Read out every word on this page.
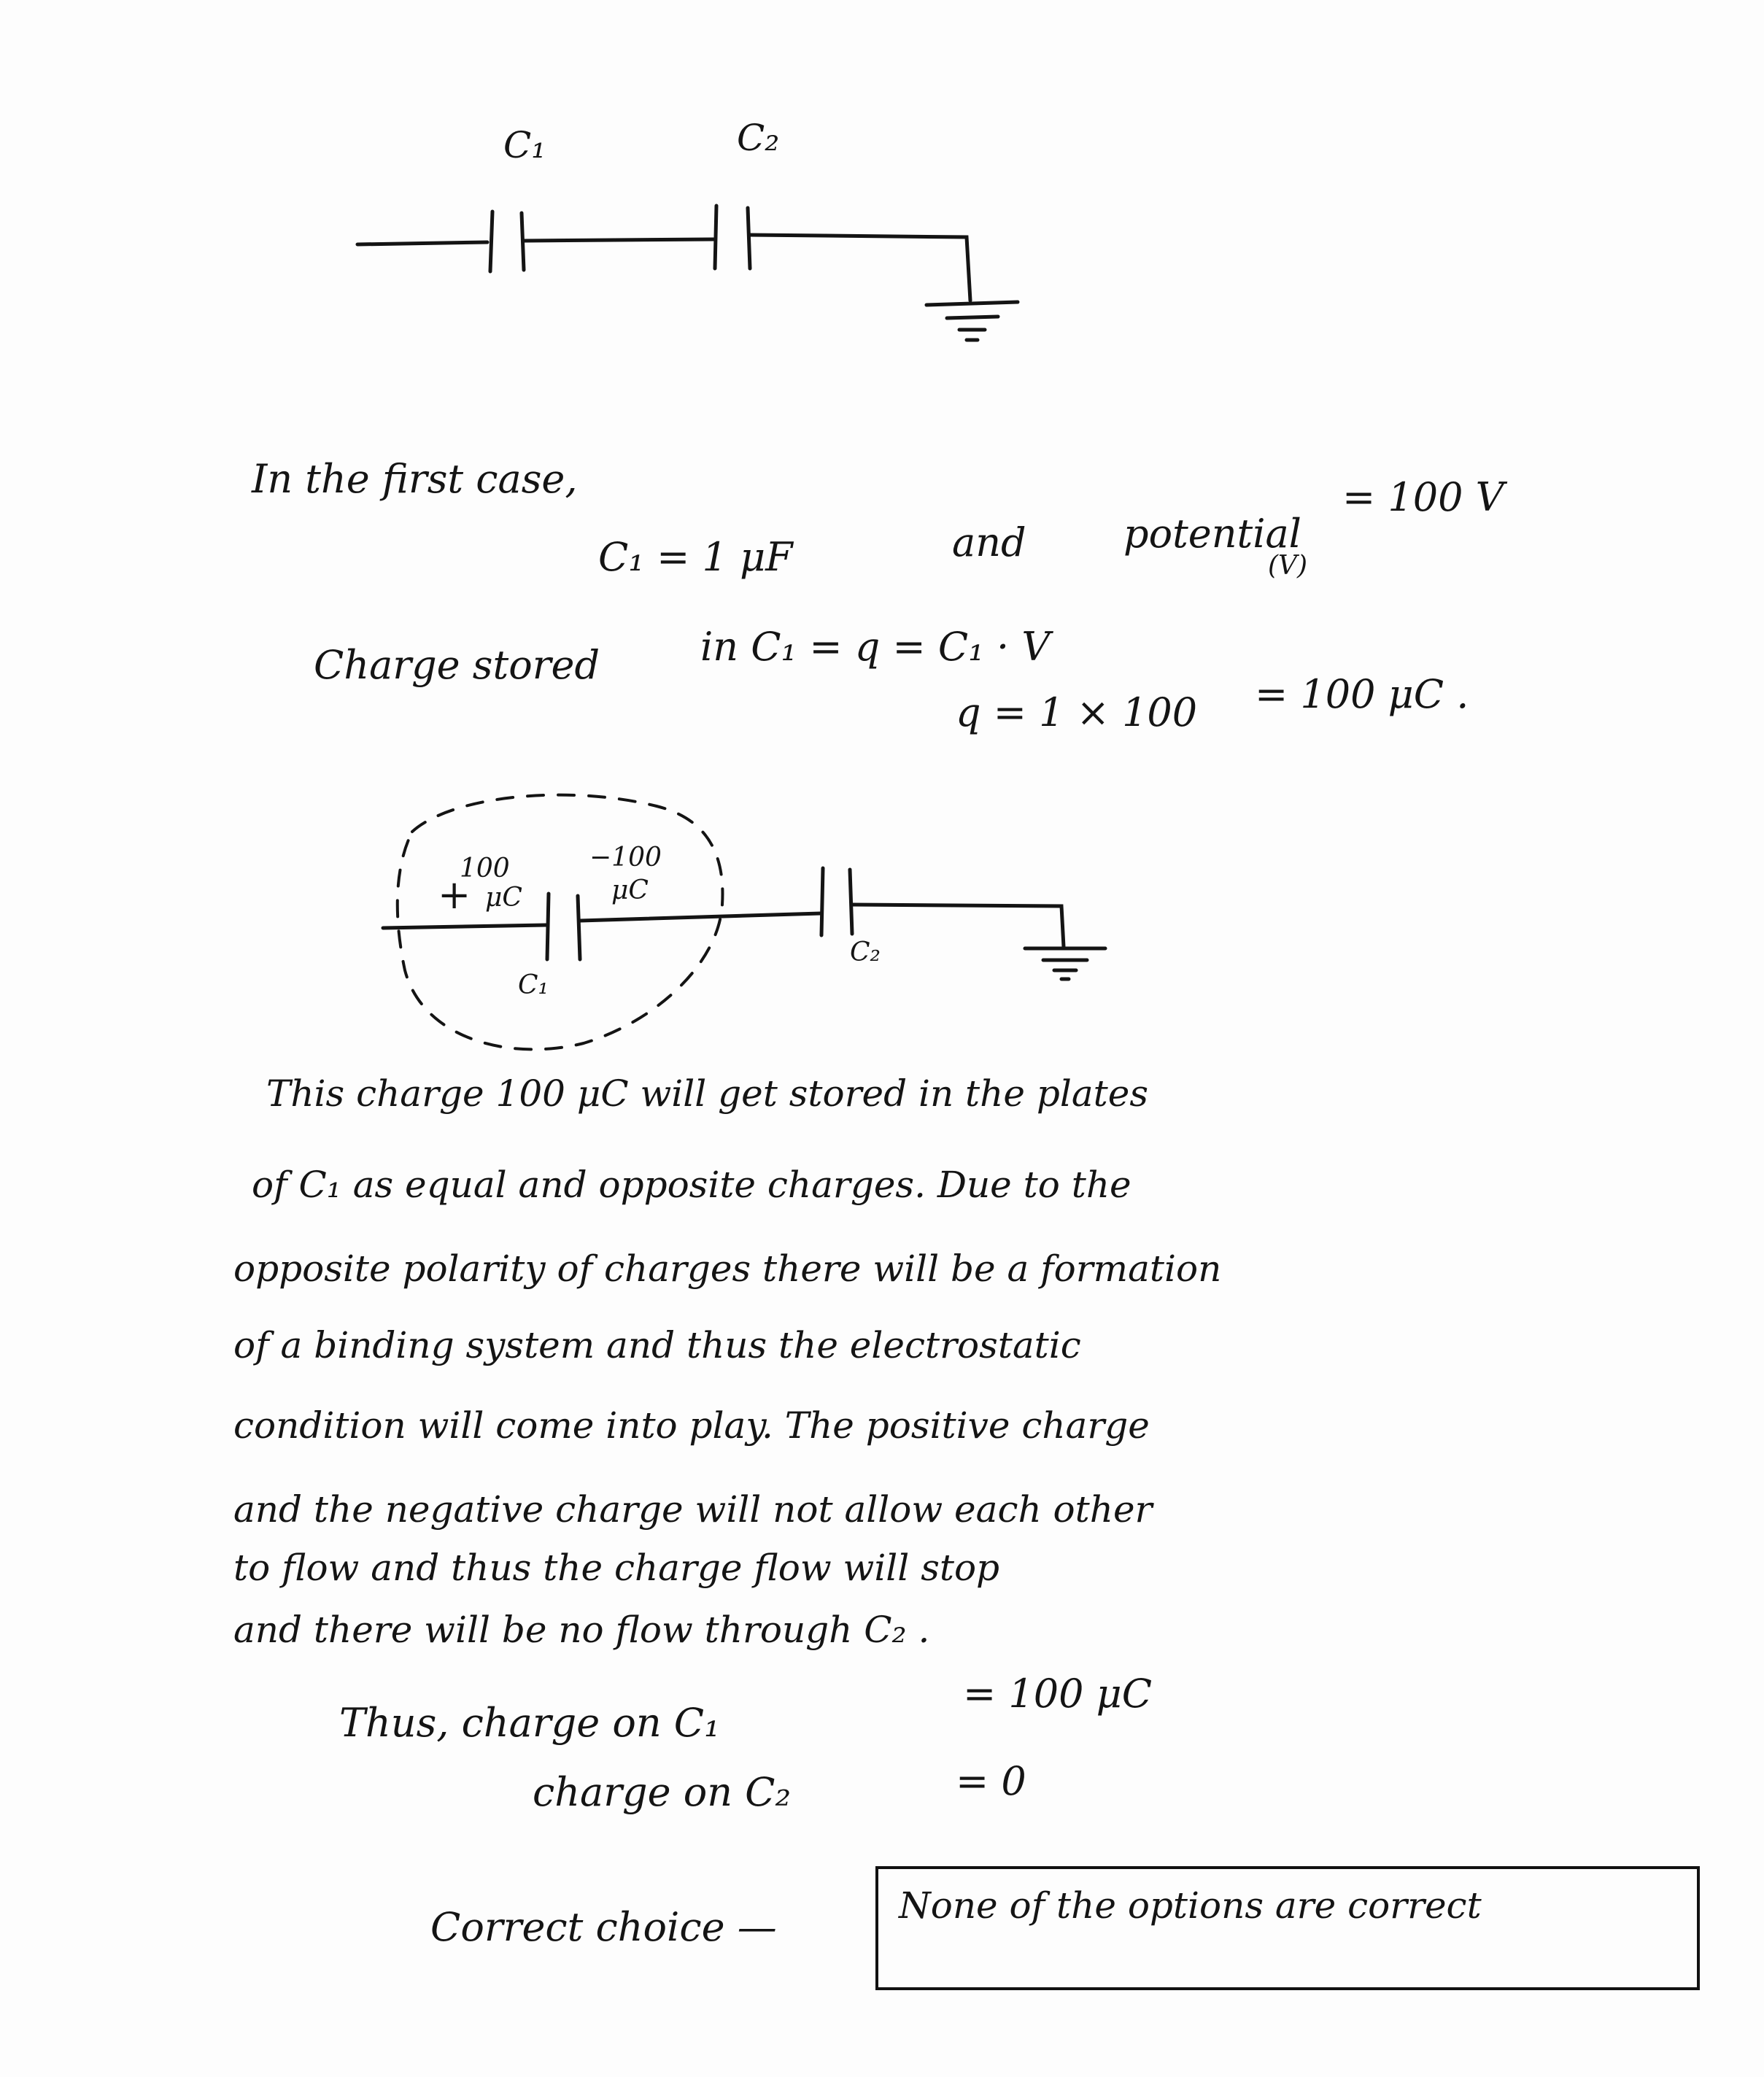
C₁	C₂
In the first case,
C₁ = 1 μF	and potential
(V)
= 100 V
Charge stored	in C₁ = q = C₁ · V
q = 1 × 100 = 100 μC .
100
+ μC
−100
μC
C₁
C₂
This charge 100 μC will get stored in the plates
of C₁ as equal and opposite charges. Due to the
opposite polarity of charges there will be a formation
of a binding system and thus the electrostatic
condition will come into play. The positive charge
and the negative charge will not allow each other
to flow and thus the charge flow will stop
and there will be no flow through C₂ .
Thus, charge on C₁
= 100 μC
charge on C₂	= 0
Correct choice —	None of the options are correct
